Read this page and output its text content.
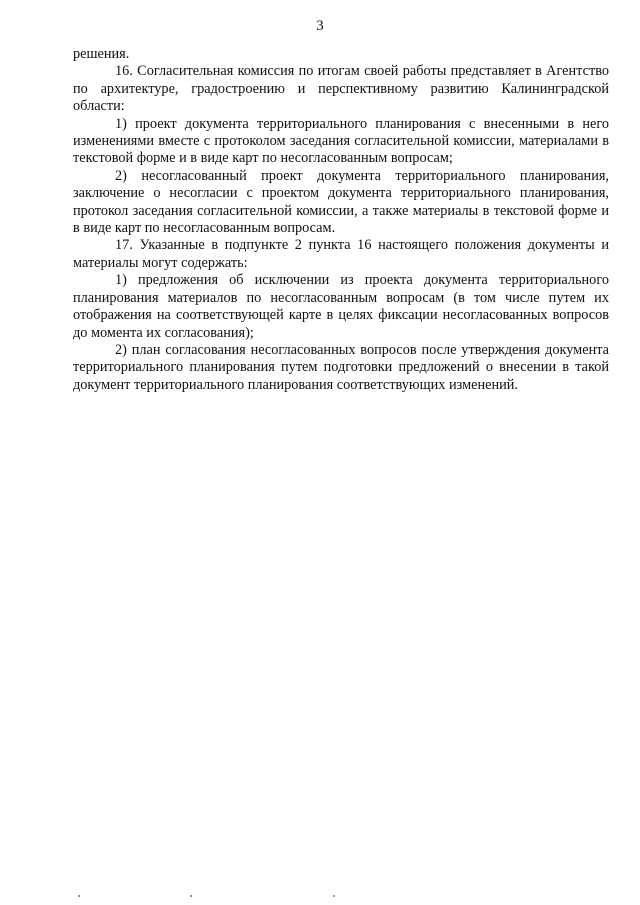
3

решения.

16. Согласительная комиссия по итогам своей работы представляет в Агентство по архитектуре, градостроению и перспективному развитию Калининградской области:

1) проект документа территориального планирования с внесенными в него изменениями вместе с протоколом заседания согласительной комиссии, материалами в текстовой форме и в виде карт по несогласованным вопросам;

2) несогласованный проект документа территориального планирования, заключение о несогласии с проектом документа территориального планирования, протокол заседания согласительной комиссии, а также материалы в текстовой форме и в виде карт по несогласованным вопросам.

17. Указанные в подпункте 2 пункта 16 настоящего положения документы и материалы могут содержать:

1) предложения об исключении из проекта документа территориального планирования материалов по несогласованным вопросам (в том числе путем их отображения на соответствующей карте в целях фиксации несогласованных вопросов до момента их согласования);

2) план согласования несогласованных вопросов после утверждения документа территориального планирования путем подготовки предложений о внесении в такой документ территориального планирования соответствующих изменений.
